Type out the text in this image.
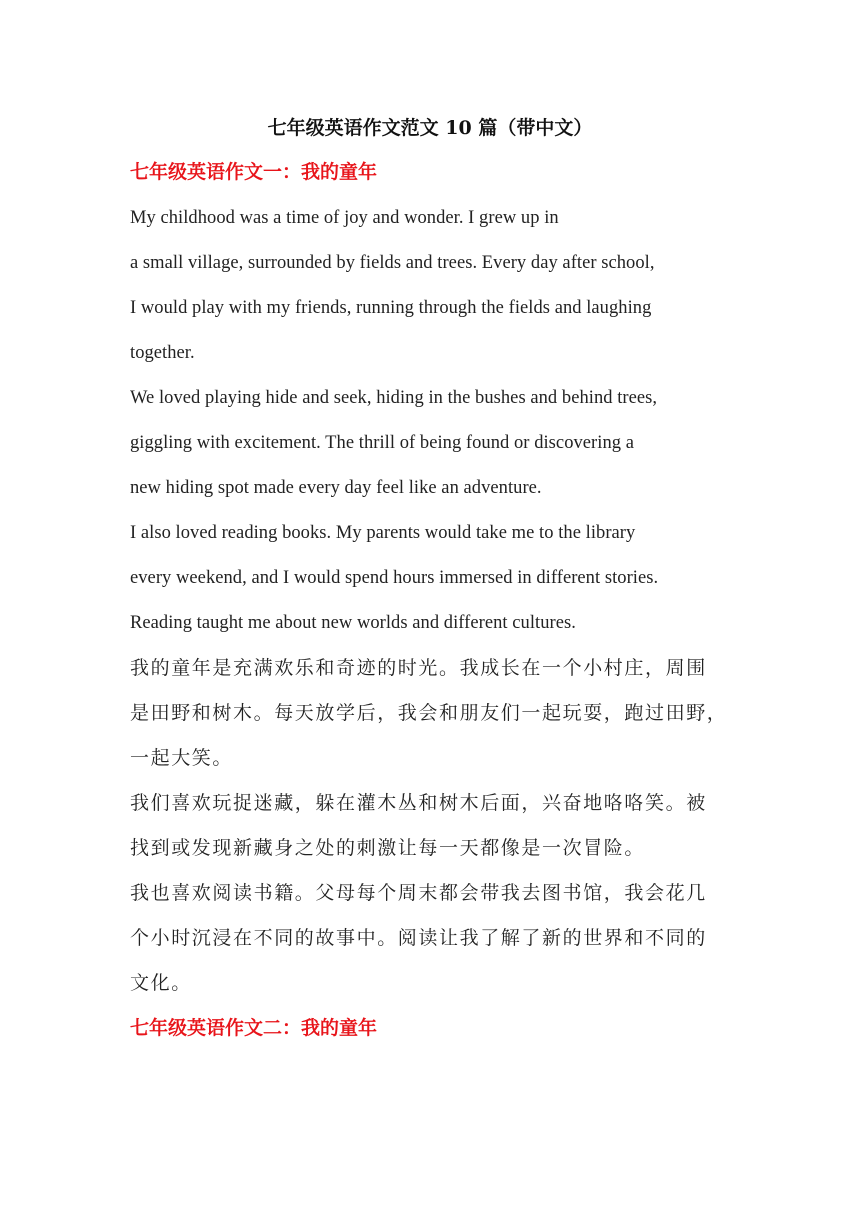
七年级英语作文范文 10 篇（带中文）
七年级英语作文一：我的童年
My childhood was a time of joy and wonder. I grew up in
a small village, surrounded by fields and trees. Every day after school,
I would play with my friends, running through the fields and laughing
together.
We loved playing hide and seek, hiding in the bushes and behind trees,
giggling with excitement. The thrill of being found or discovering a
new hiding spot made every day feel like an adventure.
I also loved reading books. My parents would take me to the library
every weekend, and I would spend hours immersed in different stories.
Reading taught me about new worlds and different cultures.
我的童年是充满欢乐和奇迹的时光。我成长在一个小村庄，周围
是田野和树木。每天放学后，我会和朋友们一起玩耍，跑过田野，
一起大笑。
我们喜欢玩捉迷藏，躲在灌木丛和树木后面，兴奋地咯咯笑。被
找到或发现新藏身之处的刺激让每一天都像是一次冒险。
我也喜欢阅读书籍。父母每个周末都会带我去图书馆，我会花几
个小时沉浸在不同的故事中。阅读让我了解了新的世界和不同的
文化。
七年级英语作文二：我的童年
